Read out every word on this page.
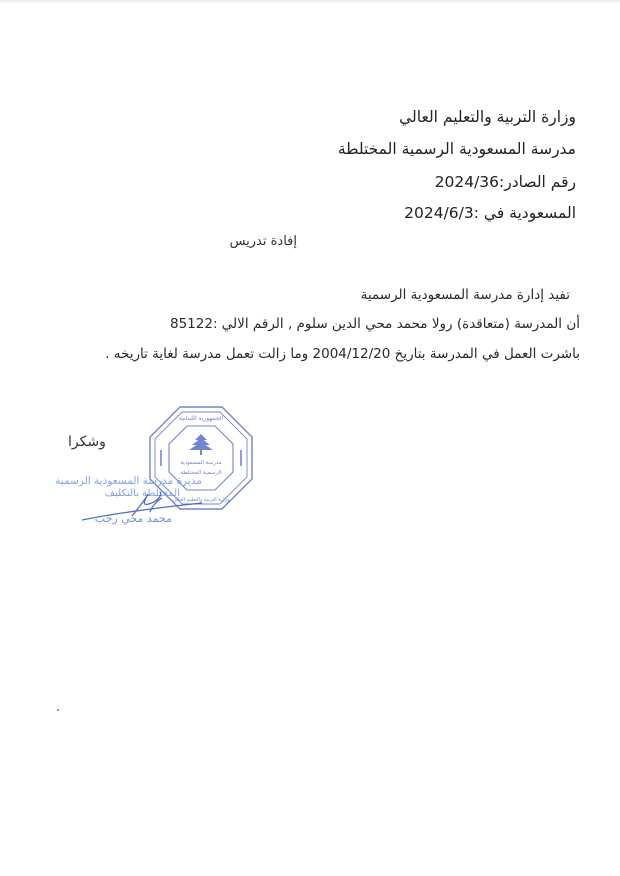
وزارة التربية والتعليم العالي
مدرسة المسعودية الرسمية المختلطة
رقم الصادر:2024/36
المسعودية في :2024/6/3
إفادة تدريس
تفيد إدارة مدرسة المسعودية الرسمية
أن المدرسة (متعاقدة) رولا محمد محي الدين سلوم , الرقم الالي :85122
باشرت العمل في المدرسة بتاريخ 2004/12/20 وما زالت تعمل مدرسة لغاية تاريخه .
وشكرا
الجمهورية اللبنانية
وزارة التربية والتعليم العالي
مدرسة المسعودية
الرسمية المختلطة
مديرة مدرسة المسعودية الرسمية
المختلطة بالتكليف
محمد محي رجب
